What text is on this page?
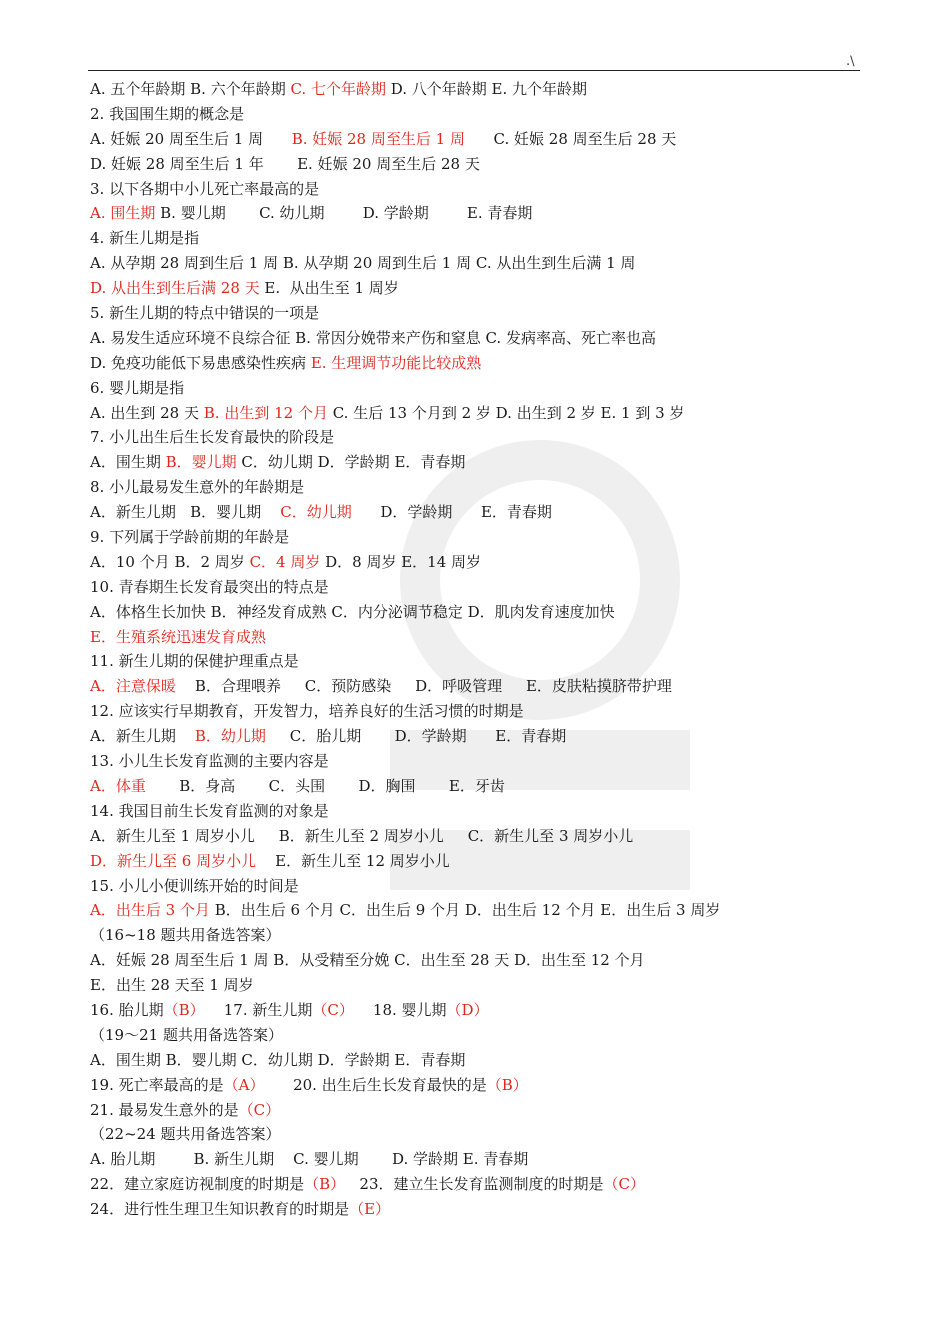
.\
A. 五个年龄期 B. 六个年龄期 C. 七个年龄期 D. 八个年龄期 E. 九个年龄期
2. 我国围生期的概念是
A. 妊娠 20 周至生后 1 周      B. 妊娠 28 周至生后 1 周      C. 妊娠 28 周至生后 28 天
D. 妊娠 28 周至生后 1 年       E. 妊娠 20 周至生后 28 天
3. 以下各期中小儿死亡率最高的是
A. 围生期 B. 婴儿期       C. 幼儿期        D. 学龄期        E. 青春期
4. 新生儿期是指
A. 从孕期 28 周到生后 1 周 B. 从孕期 20 周到生后 1 周 C. 从出生到生后满 1 周
D. 从出生到生后满 28 天 E.  从出生至 1 周岁
5. 新生儿期的特点中错误的一项是
A. 易发生适应环境不良综合征 B. 常因分娩带来产伤和窒息 C. 发病率高、死亡率也高
D. 免疫功能低下易患感染性疾病 E. 生理调节功能比较成熟
6. 婴儿期是指
A. 出生到 28 天 B. 出生到 12 个月 C. 生后 13 个月到 2 岁 D. 出生到 2 岁 E. 1 到 3 岁
7. 小儿出生后生长发育最快的阶段是
A．围生期 B．婴儿期 C．幼儿期 D．学龄期 E．青春期
8. 小儿最易发生意外的年龄期是
A．新生儿期   B．婴儿期    C．幼儿期      D．学龄期      E．青春期
9. 下列属于学龄前期的年龄是
A．10 个月 B．2 周岁 C．4 周岁 D．8 周岁 E．14 周岁
10. 青春期生长发育最突出的特点是
A．体格生长加快 B．神经发育成熟 C．内分泌调节稳定 D．肌肉发育速度加快
E．生殖系统迅速发育成熟
11. 新生儿期的保健护理重点是
A．注意保暖    B．合理喂养     C．预防感染     D．呼吸管理     E．皮肤粘摸脐带护理
12. 应该实行早期教育，开发智力，培养良好的生活习惯的时期是
A．新生儿期    B．幼儿期     C．胎儿期       D．学龄期      E．青春期
13. 小儿生长发育监测的主要内容是
A．体重       B．身高       C．头围       D．胸围       E．牙齿
14. 我国目前生长发育监测的对象是
A．新生儿至 1 周岁小儿     B．新生儿至 2 周岁小儿     C．新生儿至 3 周岁小儿
D．新生儿至 6 周岁小儿    E．新生儿至 12 周岁小儿
15. 小儿小便训练开始的时间是
A．出生后 3 个月 B．出生后 6 个月 C．出生后 9 个月 D．出生后 12 个月 E．出生后 3 周岁
（16~18 题共用备选答案）
A．妊娠 28 周至生后 1 周 B．从受精至分娩 C．出生至 28 天 D．出生至 12 个月
E．出生 28 天至 1 周岁
16. 胎儿期（B）    17. 新生儿期（C）    18. 婴儿期（D）
（19～21 题共用备选答案）
A．围生期 B．婴儿期 C．幼儿期 D．学龄期 E．青春期
19. 死亡率最高的是（A）      20. 出生后生长发育最快的是（B）
21. 最易发生意外的是（C）
（22~24 题共用备选答案）
A. 胎儿期        B. 新生儿期    C. 婴儿期       D. 学龄期 E. 青春期
22．建立家庭访视制度的时期是（B）   23．建立生长发育监测制度的时期是（C）
24．进行性生理卫生知识教育的时期是（E）
